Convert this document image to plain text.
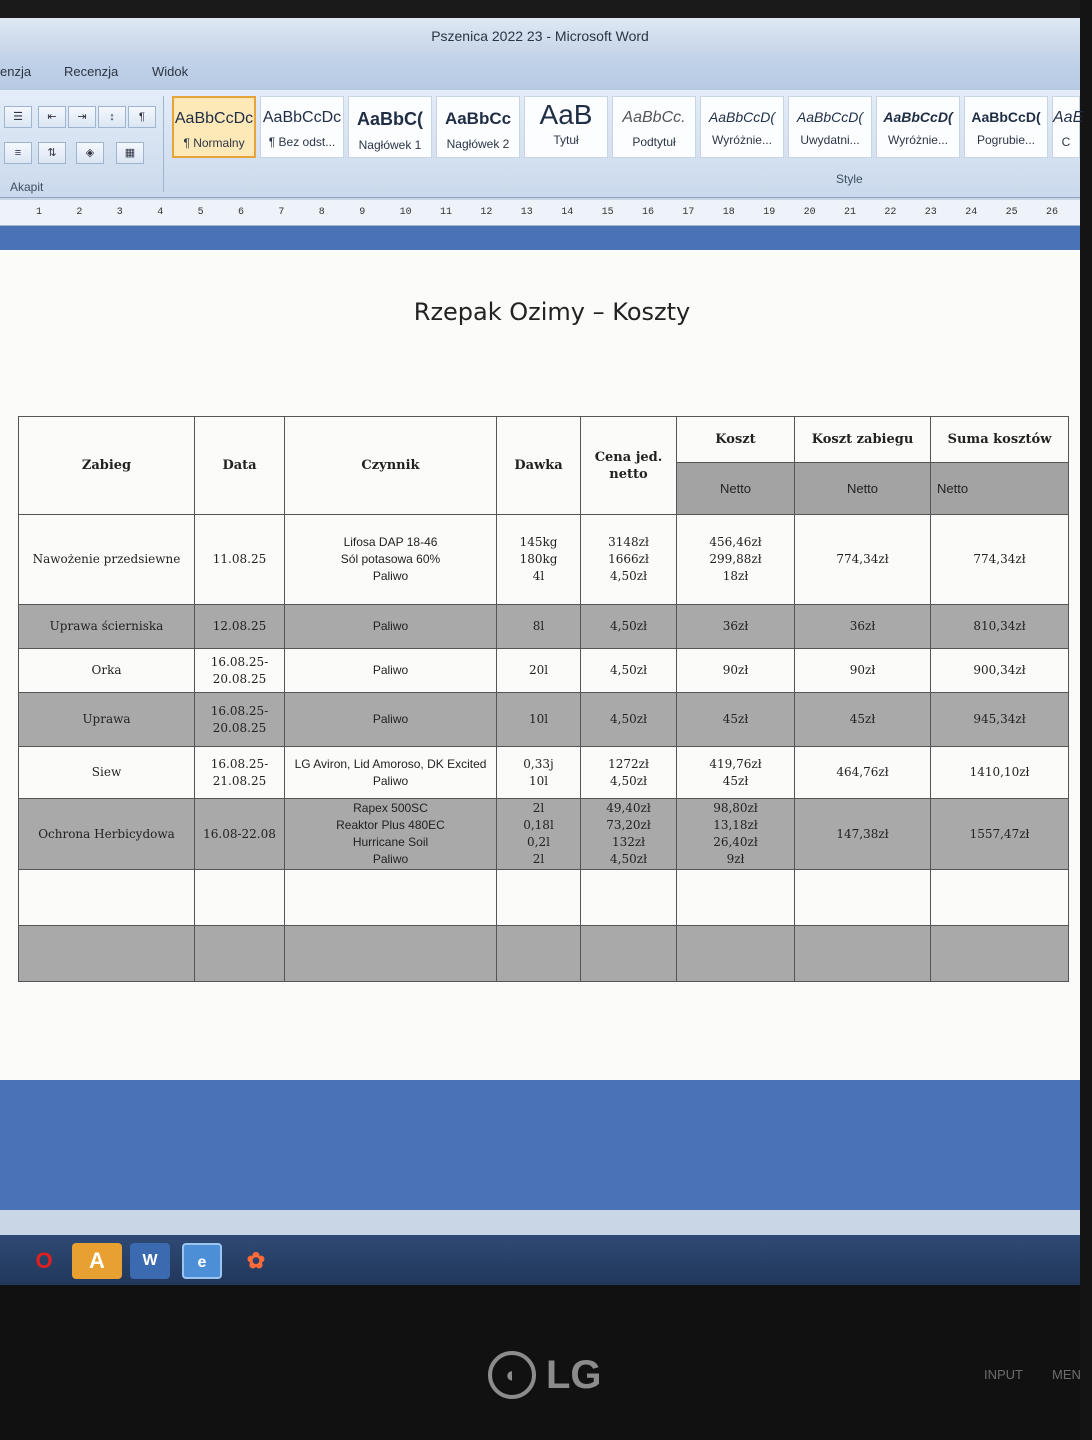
Pszenica 2022 23 - Microsoft Word
enzja	Recenzja	Widok
☰	⇤	⇥	↕	¶
≡	⇅	◈	▦
Akapit
AaBbCcDc
¶ Normalny
AaBbCcDc
¶ Bez odst...
AaBbC(
Nagłówek 1
AaBbCc
Nagłówek 2
AaB
Tytuł
AaBbCc.
Podtytuł
AaBbCcD(
Wyróżnie...
AaBbCcD(
Uwydatni...
AaBbCcD(
Wyróżnie...
AaBbCcD(
Pogrubie...
AaE
C
Style
1	2	3	4	5	6	7	8	9	10	11	12	13	14	15	16	17	18	19	20	21	22	23	24	25	26
Rzepak Ozimy – Koszty
Zabieg	Data	Czynnik	Dawka	Cena jed. netto	Koszt	Koszt zabiegu	Suma kosztów
					Netto	Netto	Netto
Nawożenie przedsiewne	11.08.25	Lifosa DAP 18-46
Sól potasowa 60%
Paliwo	145kg
180kg
4l	3148zł
1666zł
4,50zł	456,46zł
299,88zł
18zł	774,34zł	774,34zł
Uprawa ścierniska	12.08.25	Paliwo	8l	4,50zł	36zł	36zł	810,34zł
Orka	16.08.25-
20.08.25	Paliwo	20l	4,50zł	90zł	90zł	900,34zł
Uprawa	16.08.25-
20.08.25	Paliwo	10l	4,50zł	45zł	45zł	945,34zł
Siew	16.08.25-
21.08.25	LG Aviron, Lid Amoroso, DK Excited
Paliwo	0,33j
10l	1272zł
4,50zł	419,76zł
45zł	464,76zł	1410,10zł
Ochrona Herbicydowa	16.08-22.08	Rapex 500SC
Reaktor Plus 480EC
Hurricane Soil
Paliwo	2l
0,18l
0,2l
2l	49,40zł
73,20zł
132zł
4,50zł	98,80zł
13,18zł
26,40zł
9zł	147,38zł	1557,47zł

O	A	W	e	✿
◐ LG	INPUT MEN
